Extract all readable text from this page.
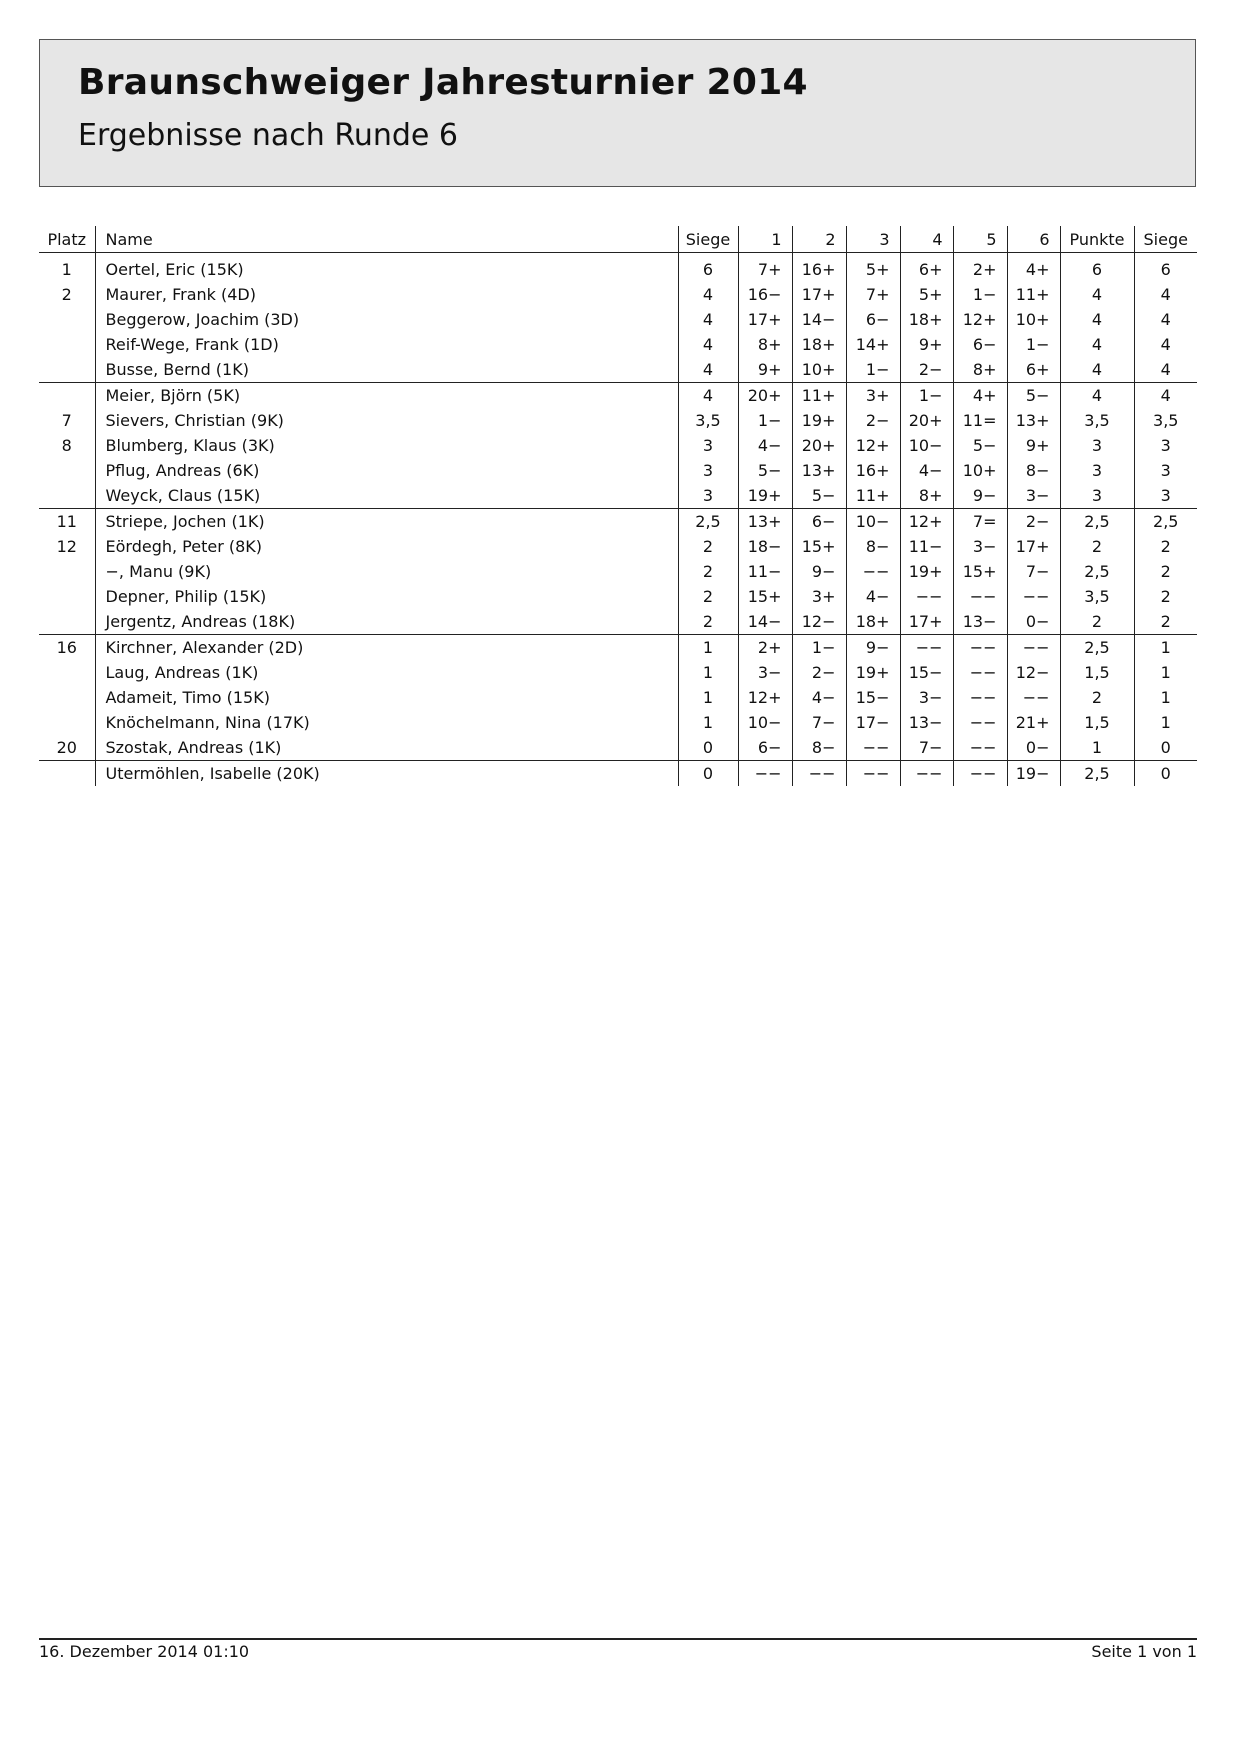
Braunschweiger Jahresturnier 2014
Ergebnisse nach Runde 6
Platz	Name	Siege	1	2	3	4	5	6	Punkte	Siege
1	Oertel, Eric (15K)	6	7+	16+	5+	6+	2+	4+	6	6
2	Maurer, Frank (4D)	4	16−	17+	7+	5+	1−	11+	4	4
	Beggerow, Joachim (3D)	4	17+	14−	6−	18+	12+	10+	4	4
	Reif-Wege, Frank (1D)	4	8+	18+	14+	9+	6−	1−	4	4
	Busse, Bernd (1K)	4	9+	10+	1−	2−	8+	6+	4	4
	Meier, Björn (5K)	4	20+	11+	3+	1−	4+	5−	4	4
7	Sievers, Christian (9K)	3,5	1−	19+	2−	20+	11=	13+	3,5	3,5
8	Blumberg, Klaus (3K)	3	4−	20+	12+	10−	5−	9+	3	3
	Pflug, Andreas (6K)	3	5−	13+	16+	4−	10+	8−	3	3
	Weyck, Claus (15K)	3	19+	5−	11+	8+	9−	3−	3	3
11	Striepe, Jochen (1K)	2,5	13+	6−	10−	12+	7=	2−	2,5	2,5
12	Eördegh, Peter (8K)	2	18−	15+	8−	11−	3−	17+	2	2
	−, Manu (9K)	2	11−	9−	−−	19+	15+	7−	2,5	2
	Depner, Philip (15K)	2	15+	3+	4−	−−	−−	−−	3,5	2
	Jergentz, Andreas (18K)	2	14−	12−	18+	17+	13−	0−	2	2
16	Kirchner, Alexander (2D)	1	2+	1−	9−	−−	−−	−−	2,5	1
	Laug, Andreas (1K)	1	3−	2−	19+	15−	−−	12−	1,5	1
	Adameit, Timo (15K)	1	12+	4−	15−	3−	−−	−−	2	1
	Knöchelmann, Nina (17K)	1	10−	7−	17−	13−	−−	21+	1,5	1
20	Szostak, Andreas (1K)	0	6−	8−	−−	7−	−−	0−	1	0
	Utermöhlen, Isabelle (20K)	0	−−	−−	−−	−−	−−	19−	2,5	0
16. Dezember 2014 01:10	Seite 1 von 1
